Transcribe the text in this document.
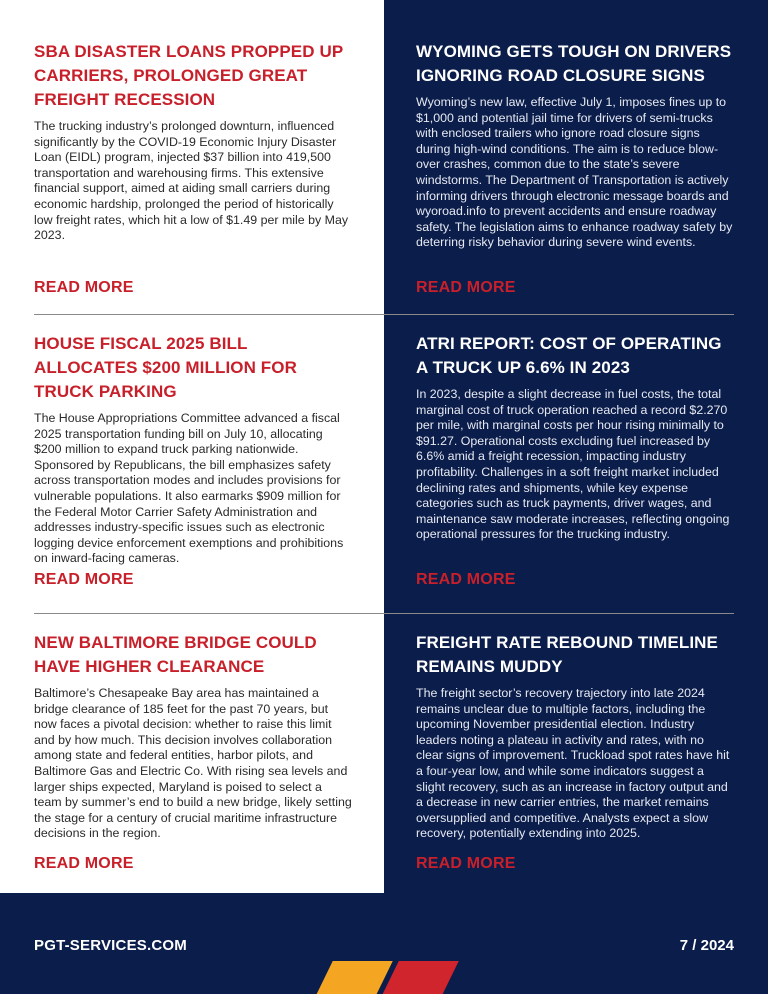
SBA DISASTER LOANS PROPPED UP CARRIERS, PROLONGED GREAT FREIGHT RECESSION

The trucking industry’s prolonged downturn, influenced significantly by the COVID-19 Economic Injury Disaster Loan (EIDL) program, injected $37 billion into 419,500 transportation and warehousing firms. This extensive financial support, aimed at aiding small carriers during economic hardship, prolonged the period of historically low freight rates, which hit a low of $1.49 per mile by May 2023.

READ MORE
WYOMING GETS TOUGH ON DRIVERS IGNORING ROAD CLOSURE SIGNS

Wyoming’s new law, effective July 1, imposes fines up to $1,000 and potential jail time for drivers of semi-trucks with enclosed trailers who ignore road closure signs during high-wind conditions. The aim is to reduce blow-over crashes, common due to the state’s severe windstorms. The Department of Transportation is actively informing drivers through electronic message boards and wyoroad.info to prevent accidents and ensure roadway safety. The legislation aims to enhance roadway safety by deterring risky behavior during severe wind events.

READ MORE
HOUSE FISCAL 2025 BILL ALLOCATES $200 MILLION FOR TRUCK PARKING

The House Appropriations Committee advanced a fiscal 2025 transportation funding bill on July 10, allocating $200 million to expand truck parking nationwide. Sponsored by Republicans, the bill emphasizes safety across transportation modes and includes provisions for vulnerable populations. It also earmarks $909 million for the Federal Motor Carrier Safety Administration and addresses industry-specific issues such as electronic logging device enforcement exemptions and prohibitions on inward-facing cameras.

READ MORE
ATRI REPORT: COST OF OPERATING A TRUCK UP 6.6% IN 2023

In 2023, despite a slight decrease in fuel costs, the total marginal cost of truck operation reached a record $2.270 per mile, with marginal costs per hour rising minimally to $91.27. Operational costs excluding fuel increased by 6.6% amid a freight recession, impacting industry profitability. Challenges in a soft freight market included declining rates and shipments, while key expense categories such as truck payments, driver wages, and maintenance saw moderate increases, reflecting ongoing operational pressures for the trucking industry.

READ MORE
NEW BALTIMORE BRIDGE COULD HAVE HIGHER CLEARANCE

Baltimore’s Chesapeake Bay area has maintained a bridge clearance of 185 feet for the past 70 years, but now faces a pivotal decision: whether to raise this limit and by how much. This decision involves collaboration among state and federal entities, harbor pilots, and Baltimore Gas and Electric Co. With rising sea levels and larger ships expected, Maryland is poised to select a team by summer’s end to build a new bridge, likely setting the stage for a century of crucial maritime infrastructure decisions in the region.

READ MORE
FREIGHT RATE REBOUND TIMELINE REMAINS MUDDY

The freight sector’s recovery trajectory into late 2024 remains unclear due to multiple factors, including the upcoming November presidential election. Industry leaders noting a plateau in activity and rates, with no clear signs of improvement. Truckload spot rates have hit a four-year low, and while some indicators suggest a slight recovery, such as an increase in factory output and a decrease in new carrier entries, the market remains oversupplied and competitive. Analysts expect a slow recovery, potentially extending into 2025.

READ MORE
PGT-SERVICES.COM	7 / 2024
